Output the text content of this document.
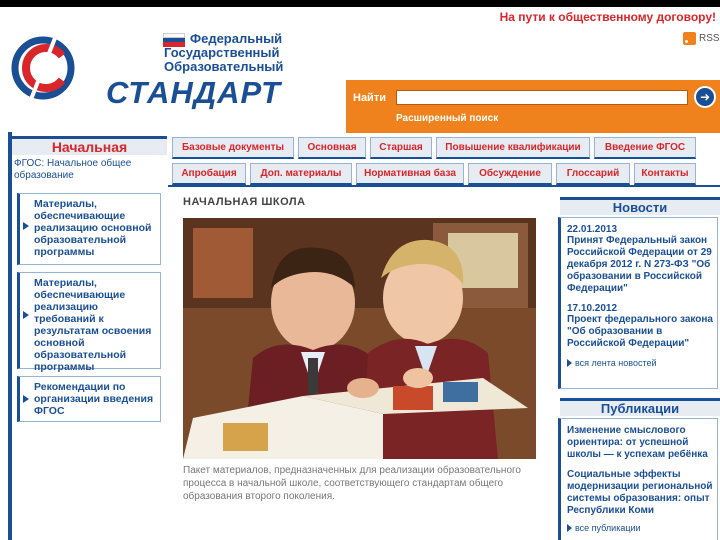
На пути к общественному договору!
RSS
Федеральный
Государственный
Образовательный
СТАНДАРТ	Найти	➜
Расширенный поиск
Начальная
ФГОС: Начальное общее образование
Материалы, обеспечивающие реализацию основной образовательной программы
Материалы, обеспечивающие реализацию требований к результатам освоения основной образовательной программы
Рекомендации по организации введения ФГОС
Базовые документы	Основная	Старшая	Повышение квалификации	Введение ФГОС
Апробация	Доп. материалы	Нормативная база	Обсуждение	Глоссарий	Контакты
НАЧАЛЬНАЯ ШКОЛА
Пакет материалов, предназначенных для реализации образовательного процесса в начальной школе, соответствующего стандартам общего образования второго поколения.
Новости
22.01.2013
Принят Федеральный закон Российской Федерации от 29 декабря 2012 г. N 273-ФЗ "Об образовании в Российской Федерации"
17.10.2012
Проект федерального закона "Об образовании в Российской Федерации"
вся лента новостей
Публикации
Изменение смыслового ориентира: от успешной школы — к успехам ребёнка
Социальные эффекты модернизации региональной системы образования: опыт Республики Коми
все публикации
